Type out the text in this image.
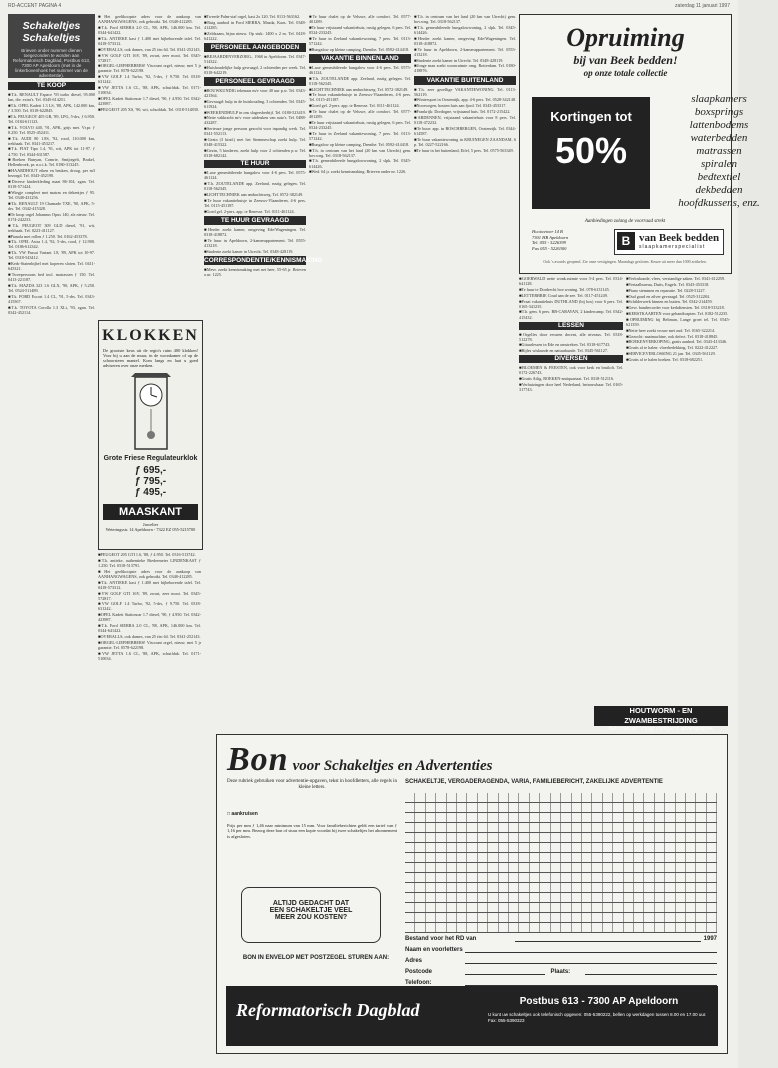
RD-ACCENT PAGINA 4	zaterdag 11 januari 1997
Schakeltjes Schakeltjes
Brieven onder nummer dienen toegezonden te worden aan Reformatorisch Dagblad, Postbus 613, 7300 AP Apeldoorn (met in de linkerbovenhoek het nummer van de advertentie).
TE KOOP

■ T.k. RENAULT Espace '93 turbo diesel, 95.000 km, div. extra's. Tel. 0345-614251.

■ T.k. OPEL Kadett 1.3 LS, '88, APK, 142.000 km, ƒ 3.500. Tel. 0318-622845.

■ T.k. PEUGEOT 405 GR, '89, LPG, 5-drs, ƒ 6.950. Tel. 0184-611123.

■ T.k. VOLVO 440, '91, APK, grijs met. Vr.pr. ƒ 8.250. Tel. 0525-452411.

■ T.k. AUDI 80 1.8S, '92, rood, 110.000 km, trekhaak. Tel. 0341-453217.

■ T.k. FIAT Tipo 1.4, '91, wit, APK tot 11-97. ƒ 4.750. Tel. 0344-631587.

■ Boeken Bunyan, Comrie, Smijtegelt, Brakel, Hellenbroek, pr. n.o.t.k. Tel. 0180-313245.

■ HAARDHOUT eiken en beuken, droog, per m3 bezorgd. Tel. 0343-452190.

■ Diverse kinderkleding maat 86-104, zgan. Tel. 0318-571424.

■ Wiegje compleet met matras en dekentjes ƒ 95. Tel. 0348-431256.

■ T.k. RENAULT 19 Chamade TXE, '90, APK, 5-drs. Tel. 0342-415328.

■ Te koop orgel Johannus Opus 140, als nieuw. Tel. 0174-242233.

■ T.k. PEUGEOT 309 GLD diesel, '91, wit, trekhaak. Tel. 0223-411127.

■ Pianola met rollen ƒ 1.250. Tel. 0162-453378.

■ T.k. OPEL Astra 1.4, '92, 5-drs, rood, ƒ 12.900. Tel. 0186-612342.

■ T.k. VW Passat Variant 1.8, '89, APK tot 10-97. Tel. 0318-543412.

■ Kerk-Statenbijbel met koperen sloten. Tel. 0411-645321.

■ Tweepersoons bed incl. matrassen ƒ 150. Tel. 0413-221187.

■ T.k. MAZDA 323 1.6 GLX, '90, APK, ƒ 5.250. Tel. 0524-511489.

■ T.k. FORD Escort 1.4 CL, '91, 5-drs. Tel. 0343-415567.

■ T.k. TOYOTA Corolla 1.3 XLi, '93, zgan. Tel. 0342-452114.

■ Het geeltkoopste adres voor de aankoop van AANHANGWAGENS, ook gebruikt. Tel. 0348-412285.

■ T.k. Ford SIERRA 2.0 CL, '88, APK, 146.000 km. Tel. 0344-641422.

■ T.k. ANTIEKE kast ƒ 1.400 met bijbehorende tafel. Tel. 0418-573312.

■ OVERALLS, ook dames, van 25 t/m 64. Tel. 0341-252143.

■ VW GOLF GTI 16V, '89, zwart, zeer mooi. Tel. 0345-572817.

■ ORGEL-LIEFHEBBERS! Viscount orgel, nieuw, met 5 jr garantie. Tel. 0578-622198.

■ VW GOLF 1.4 Turbo, '92, 5-drs, ƒ 9.750. Tel. 0318-631242.

■ VW JETTA 1.6 CL, '88, APK, schuifdak. Tel. 0171-510034.

■ OPEL Kadett Stationcar 1.7 diesel, '90, ƒ 4.950. Tel. 0342-423987.

■ PEUGEOT 205 XS, '90, wit, schuifdak. Tel. 0318-514830.

KLOKKEN
De grootste keus uit de regio's ruim 400 klokken! Voor bij u aan de muur, in de woonkamer of op de schoorsteen mantel. Kom langs en laat u goed adviseren over onze merken.
Grote Friese Regulateurklok
ƒ 695,-
ƒ 795,-
ƒ 495,-
MAASKANT
Juwelier
Weteringsstr. 14 Apeldoorn - 7322 EZ 055-5215700

■ PEUGEOT 205 GTI 1.6, '88, ƒ 4.950. Tel. 0316-513742.

■ T.k. antieke, authentieke Biedermeier LINDENKAST ƒ 1.250. Tel. 0318-513791.

■ Het geeltkoopste adres voor de aankoop van AANHANGWAGENS, ook gebruikt. Tel. 0348-412285.

■ T.k. ANTIEKE kast ƒ 1.400 met bijbehorende tafel. Tel. 0418-573312.

■ VW GOLF GTI 16V, '89, zwart, zeer mooi. Tel. 0345-572817.

■ VW GOLF 1.4 Turbo, '92, 5-drs, ƒ 9.750. Tel. 0318-631242.

■ OPEL Kadett Stationcar 1.7 diesel, '90, ƒ 4.950. Tel. 0342-423987.

■ T.k. Ford SIERRA 2.0 CL, '88, APK, 146.000 km. Tel. 0344-641422.

■ OVERALLS, ook dames, van 25 t/m 64. Tel. 0341-252143.

■ ORGEL-LIEFHEBBERS! Viscount orgel, nieuw, met 5 jr garantie. Tel. 0578-622198.

■ VW JETTA 1.6 CL, '88, APK, schuifdak. Tel. 0171-510034.

■ Tweede Palm-staf orgel, kast 2x 120. Tel. 0113-563162.

■ Ruig aanbod in Ford SIERRA, Mazda, Kaas. Tel. 0348-412285.

■ Zeldzaam, bijna nieuw. Op stuk: 1400 x 2 m. Tel. 0418-641222.

PERSONEEL AANGEBODEN

■ BEJAARDENVERZORG., 1968 in Apeldoorn. Tel. 0347-514322.

■ Huishoudelijke hulp gevraagd, 2 ochtenden per week. Tel. 0318-642219.

PERSONEEL GEVRAAGD

■ BOUWKUNDIG tekenaar m/v voor 40 uur p.w. Tel. 0343-421564.

■ Gevraagd: hulp in de huishouding, 3 ochtenden. Tel. 0345-611924.

■ WEEKENDHULP in ons slagersbedrijf. Tel. 0180-523419.

■ Nette vakkracht m/v voor uitdeuken van auto's. Tel. 0488-432287.

■ Serieuze jonge persoon gezocht voor inpandig werk. Tel. 0341-552113.

■ Gezin (3 kind.) met het Stemmeschap zoekt hulp. Tel. 0348-415322.

■ Gezin, 5 kinderen, zoekt hulp voor 2 ochtenden p.w. Tel. 0318-682142.

TE HUUR

■ Luxe gemeubileerde bungalow voor 4-6 pers. Tel. 0575-461124.

■ T.h. ZOUTELANDE app. Zeeland, rustig gelegen. Tel. 0118-562345.

■ LICHTTECHNIEK aan ambachtsweg. Tel. 0572-382149.

■ Te huur vakantiehuisje in Zeeuws-Vlaanderen, 4-6 pers. Tel. 0115-451187.

■ Goed gel. 2-pers. app. te Renesse. Tel. 0111-461124.

TE HUUR GEVRAAGD

■ Herder zoekt kamer, omgeving Ede/Wageningen. Tel. 0318-418872.

■ Te huur in Apeldoorn, 2-kamerappartement. Tel. 0555-413218.

■ Studente zoekt kamer in Utrecht. Tel. 0348-428119.

CORRESPONDENTIE/KENNISMAKING

■ Mevr. zoekt kennismaking met net heer, 55-65 jr. Brieven o.nr. 1225.

■ Te huur chalet op de Veluwe, alle comfort. Tel. 0577-401289.

■ Te huur vrijstaand vakantiehuis, rustig gelegen, 6 pers. Tel. 0524-233245.

■ Te huur in Zeeland vakantiewoning, 7 pers. Tel. 0113-571242.

■ Bungalow op kleine camping, Drenthe. Tel. 0592-414418.

VAKANTIE BINNENLAND

■ Luxe gemeubileerde bungalow voor 4-6 pers. Tel. 0575-461124.

■ T.h. ZOUTELANDE app. Zeeland, rustig gelegen. Tel. 0118-562345.

■ LICHTTECHNIEK aan ambachtsweg. Tel. 0572-382149.

■ Te huur vakantiehuisje in Zeeuws-Vlaanderen, 4-6 pers. Tel. 0115-451187.

■ Goed gel. 2-pers. app. te Renesse. Tel. 0111-461124.

■ Te huur chalet op de Veluwe, alle comfort. Tel. 0577-401289.

■ Te huur vrijstaand vakantiehuis, rustig gelegen, 6 pers. Tel. 0524-233245.

■ Te huur in Zeeland vakantiewoning, 7 pers. Tel. 0113-571242.

■ Bungalow op kleine camping, Drenthe. Tel. 0592-414418.

■ T.h. in centrum van het land (20 km van Utrecht) gem. bov.wng. Tel. 0318-562137.

■ T.h. gemeubileerde bungalowwoning, 2 slpk. Tel. 0345-614426.

■ Wed. 64 jr. zoekt kennismaking. Brieven onder nr. 1226.

■ T.h. in centrum van het land (20 km van Utrecht) gem. bov.wng. Tel. 0318-562137.

■ T.h. gemeubileerde bungalowwoning, 2 slpk. Tel. 0345-614426.

■ Herder zoekt kamer, omgeving Ede/Wageningen. Tel. 0318-418872.

■ Te huur in Apeldoorn, 2-kamerappartement. Tel. 0555-413218.

■ Studente zoekt kamer in Utrecht. Tel. 0348-428119.

■ Jonge man zoekt woonruimte omg. Rotterdam. Tel. 0180-418876.

VAKANTIE BUITENLAND

■ T.h. zeer gezellige VAKANTIEWONING. Tel. 0113-562119.

■ Wintersport in Oostenrijk, app. 4-6 pers. Tel. 0528-342148.

■ Noorwegen, houten huis aan fjord. Tel. 0343-453317.

■ Frankrijk: Dordogne, vrijstaand huis. Tel. 0172-215422.

■ ARDENNEN, vrijstaand vakantiehuis voor 8 pers. Tel. 0118-472232.

■ Te huur: app. in BOSCHBERGEN, Oostenrijk. Tel. 0344-614587.

■ Te huur vakantiewoning in KRUINEGEN ZAANDAM, 6 p. Tel. 0227-522166.

■ Te huur in het buitenland, Eifel, 5 pers. Tel. 0575-563349.

■ GOERWALD nette wonk.ruimte voor 3-4 pers. Tel. 0314-641128.

■ Te huur te Dordrecht bov.woning. Tel. 078-6131145.

■ LETTERBRIE Coud aan de zee. Tel. 0117-451249.

■ Fraai vakantiehuis DUTHLAND (bij hos) voor 6 pers. Tel. 0165-341235.

■ T.h. gem. 6 pers. RB-CARAVAN, 2 kindercamp. Tel. 0342-415432.

LESSEN

■ Orgelles door ervaren docent, alle niveaus. Tel. 0318-512278.

■ Gitaarlessen in Ede en omstreken. Tel. 0318-617743.

■ Bijles wiskunde en natuurkunde. Tel. 0345-561127.

DIVERSEN

■ BLOEMEN & FEESTEN, ook voor kerk en bruiloft. Tel. 0172-226743.

■ Gratis Atlig, BOEKEN-antiquariaat. Tel. 0318-512116.

■ Verhuizingen door heel Nederland, betrouwbaar. Tel. 0165-317743.

■ Verloskunde, vlees, verstandige zaken. Tel. 0341-412259.

■ Vertaalbureau, Duits, Engels. Tel. 0343-453318.

■ Piano stemmen en reparatie. Tel. 0228-51227.

■ Oud goud en zilver gevraagd. Tel. 0525-312284.

■ Schilderwerk binnen en buiten. Tel. 0342-214459.

■ Gevr. bandrecorder voor kerkdiensten. Tel. 0318-533218.

■ KERSTKAARTEN voor gehandicapten. Tel. 0182-512235.

■ OPRUIMING bij Beltman, Lange groet tel. Tel. 0545-621359.

■ Nette heer zoekt vrouw met oud. Tel. 0165-322214.

■ Gezocht: naaimachine, ook defect. Tel. 0318-418845.

■ BOEKENVERKOPING, gratis aanbod. Tel. 0343-413346.

■ Gratis af te halen: vloerbedekking. Tel. 0222-412227.

■ SERVICEVERLOSSING 21 jan. Tel. 0345-561129.

■ Gratis af te halen boeken. Tel. 0318-682251.

Opruiming
bij van Beek bedden!
op onze totale collectie
Kortingen tot
50%
slaapkamers
boxsprings
lattenbodems
waterbedden
matrassen
spiralen
bedtextiel
dekbedden
hoofdkussens, enz.
Aanbiedingen zolang de voorraad strekt
Hooiweiner 14 B
7301 HB Apeldoorn
Tel. 055 - 5226399
Fax 055 - 5226300	B van Beek bedden
slaapkamerspecialist
Ook 's avonds geopend. Zie onze vestigingen. Maandags gesloten. Keuze uit meer dan 1000 artikelen.
HOUTWORM - EN ZWAMBESTRIJDING
Betrouwbaar! Vraagt vrijblijvend adviesgesprek
Bon voor Schakeltjes en Advertenties
Deze rubriek gebruiken voor advertentie-opgaven, tekst in hoofdletters, alle regels in kleine letters.
□ aankruisen
Prijs per mm ƒ 1,46 naar minimum van 15 mm. Voor familieberichten geldt een tarief van ƒ 1,16 per mm. Bezorg deze bon of stuur een kopie voordat bij twee schakeltjes het abonnement is afgesloten.
ALTIJD GEDACHT DAT
EEN SCHAKELTJE VEEL
MEER ZOU KOSTEN?
BON IN ENVELOP MET POSTZEGEL STUREN AAN:
SCHAKELTJE, VERGADERAGENDA, VARIA, FAMILIEBERICHT, ZAKELIJKE ADVERTENTIE
Bestand voor het RD van	1997
Naam en voorletters
Adres
Postcode	Plaats:
Telefoon:
Reformatorisch Dagblad	Postbus 613 - 7300 AP Apeldoorn
U kunt uw schakeltjes ook telefonisch opgeven: 055-5390222, bellen op werkdagen tussen 8.00 en 17.00 uur. Fax: 055-5390323
